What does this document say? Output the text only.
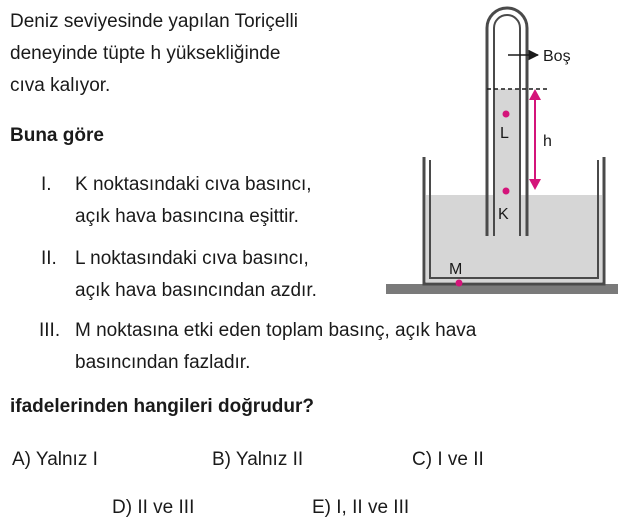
Deniz seviyesinde yapılan Toriçelli
deneyinde tüpte h yüksekliğinde
cıva kalıyor.
Buna göre
I. K noktasındaki cıva basıncı,
açık hava basıncına eşittir.
II. L noktasındaki cıva basıncı,
açık hava basıncından azdır.
III. M noktasına etki eden toplam basınç, açık hava
basıncından fazladır.
ifadelerinden hangileri doğrudur?
A) Yalnız I	B) Yalnız II	C) I ve II
D) II ve III	E) I, II ve III
Boş
h
L
K
M
